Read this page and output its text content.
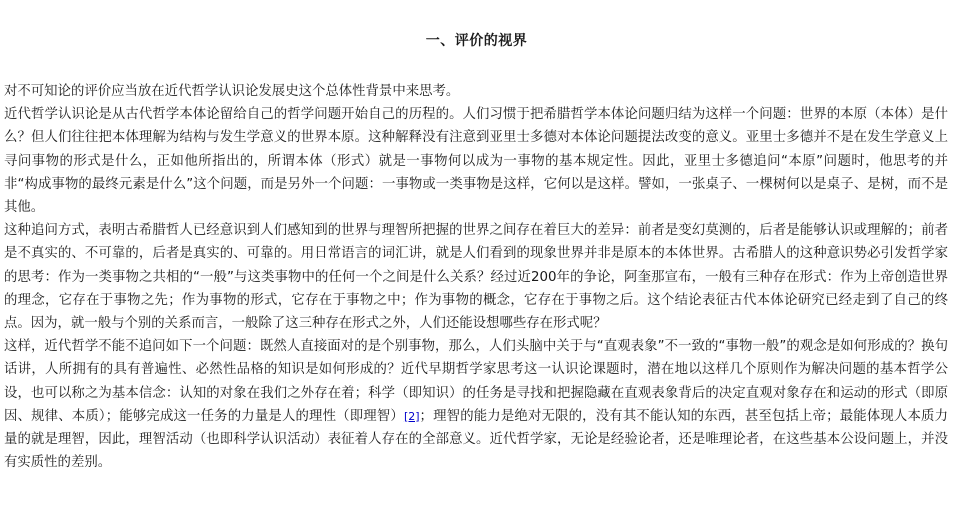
一、评价的视界

对不可知论的评价应当放在近代哲学认识论发展史这个总体性背景中来思考。

近代哲学认识论是从古代哲学本体论留给自己的哲学问题开始自己的历程的。人们习惯于把希腊哲学本体论问题归结为这样一个问题：世界的本原（本体）是什么？但人们往往把本体理解为结构与发生学意义的世界本原。这种解释没有注意到亚里士多德对本体论问题提法改变的意义。亚里士多德并不是在发生学意义上寻问事物的形式是什么，正如他所指出的，所谓本体（形式）就是一事物何以成为一事物的基本规定性。因此，亚里士多德追问“本原”问题时，他思考的并非“构成事物的最终元素是什么”这个问题，而是另外一个问题：一事物或一类事物是这样，它何以是这样。譬如，一张桌子、一棵树何以是桌子、是树，而不是其他。

这种追问方式，表明古希腊哲人已经意识到人们感知到的世界与理智所把握的世界之间存在着巨大的差异：前者是变幻莫测的，后者是能够认识或理解的；前者是不真实的、不可靠的，后者是真实的、可靠的。用日常语言的词汇讲，就是人们看到的现象世界并非是原本的本体世界。古希腊人的这种意识势必引发哲学家的思考：作为一类事物之共相的“一般”与这类事物中的任何一个之间是什么关系？经过近200年的争论，阿奎那宣布，一般有三种存在形式：作为上帝创造世界的理念，它存在于事物之先；作为事物的形式，它存在于事物之中；作为事物的概念，它存在于事物之后。这个结论表征古代本体论研究已经走到了自己的终点。因为，就一般与个别的关系而言，一般除了这三种存在形式之外，人们还能设想哪些存在形式呢？

这样，近代哲学不能不追问如下一个问题：既然人直接面对的是个别事物，那么，人们头脑中关于与“直观表象”不一致的“事物一般”的观念是如何形成的？换句话讲，人所拥有的具有普遍性、必然性品格的知识是如何形成的？近代早期哲学家思考这一认识论课题时，潜在地以这样几个原则作为解决问题的基本哲学公设，也可以称之为基本信念：认知的对象在我们之外存在着；科学（即知识）的任务是寻找和把握隐藏在直观表象背后的决定直观对象存在和运动的形式（即原因、规律、本质）；能够完成这一任务的力量是人的理性（即理智）[2]；理智的能力是绝对无限的，没有其不能认知的东西，甚至包括上帝；最能体现人本质力量的就是理智，因此，理智活动（也即科学认识活动）表征着人存在的全部意义。近代哲学家，无论是经验论者，还是唯理论者，在这些基本公设问题上，并没有实质性的差别。
